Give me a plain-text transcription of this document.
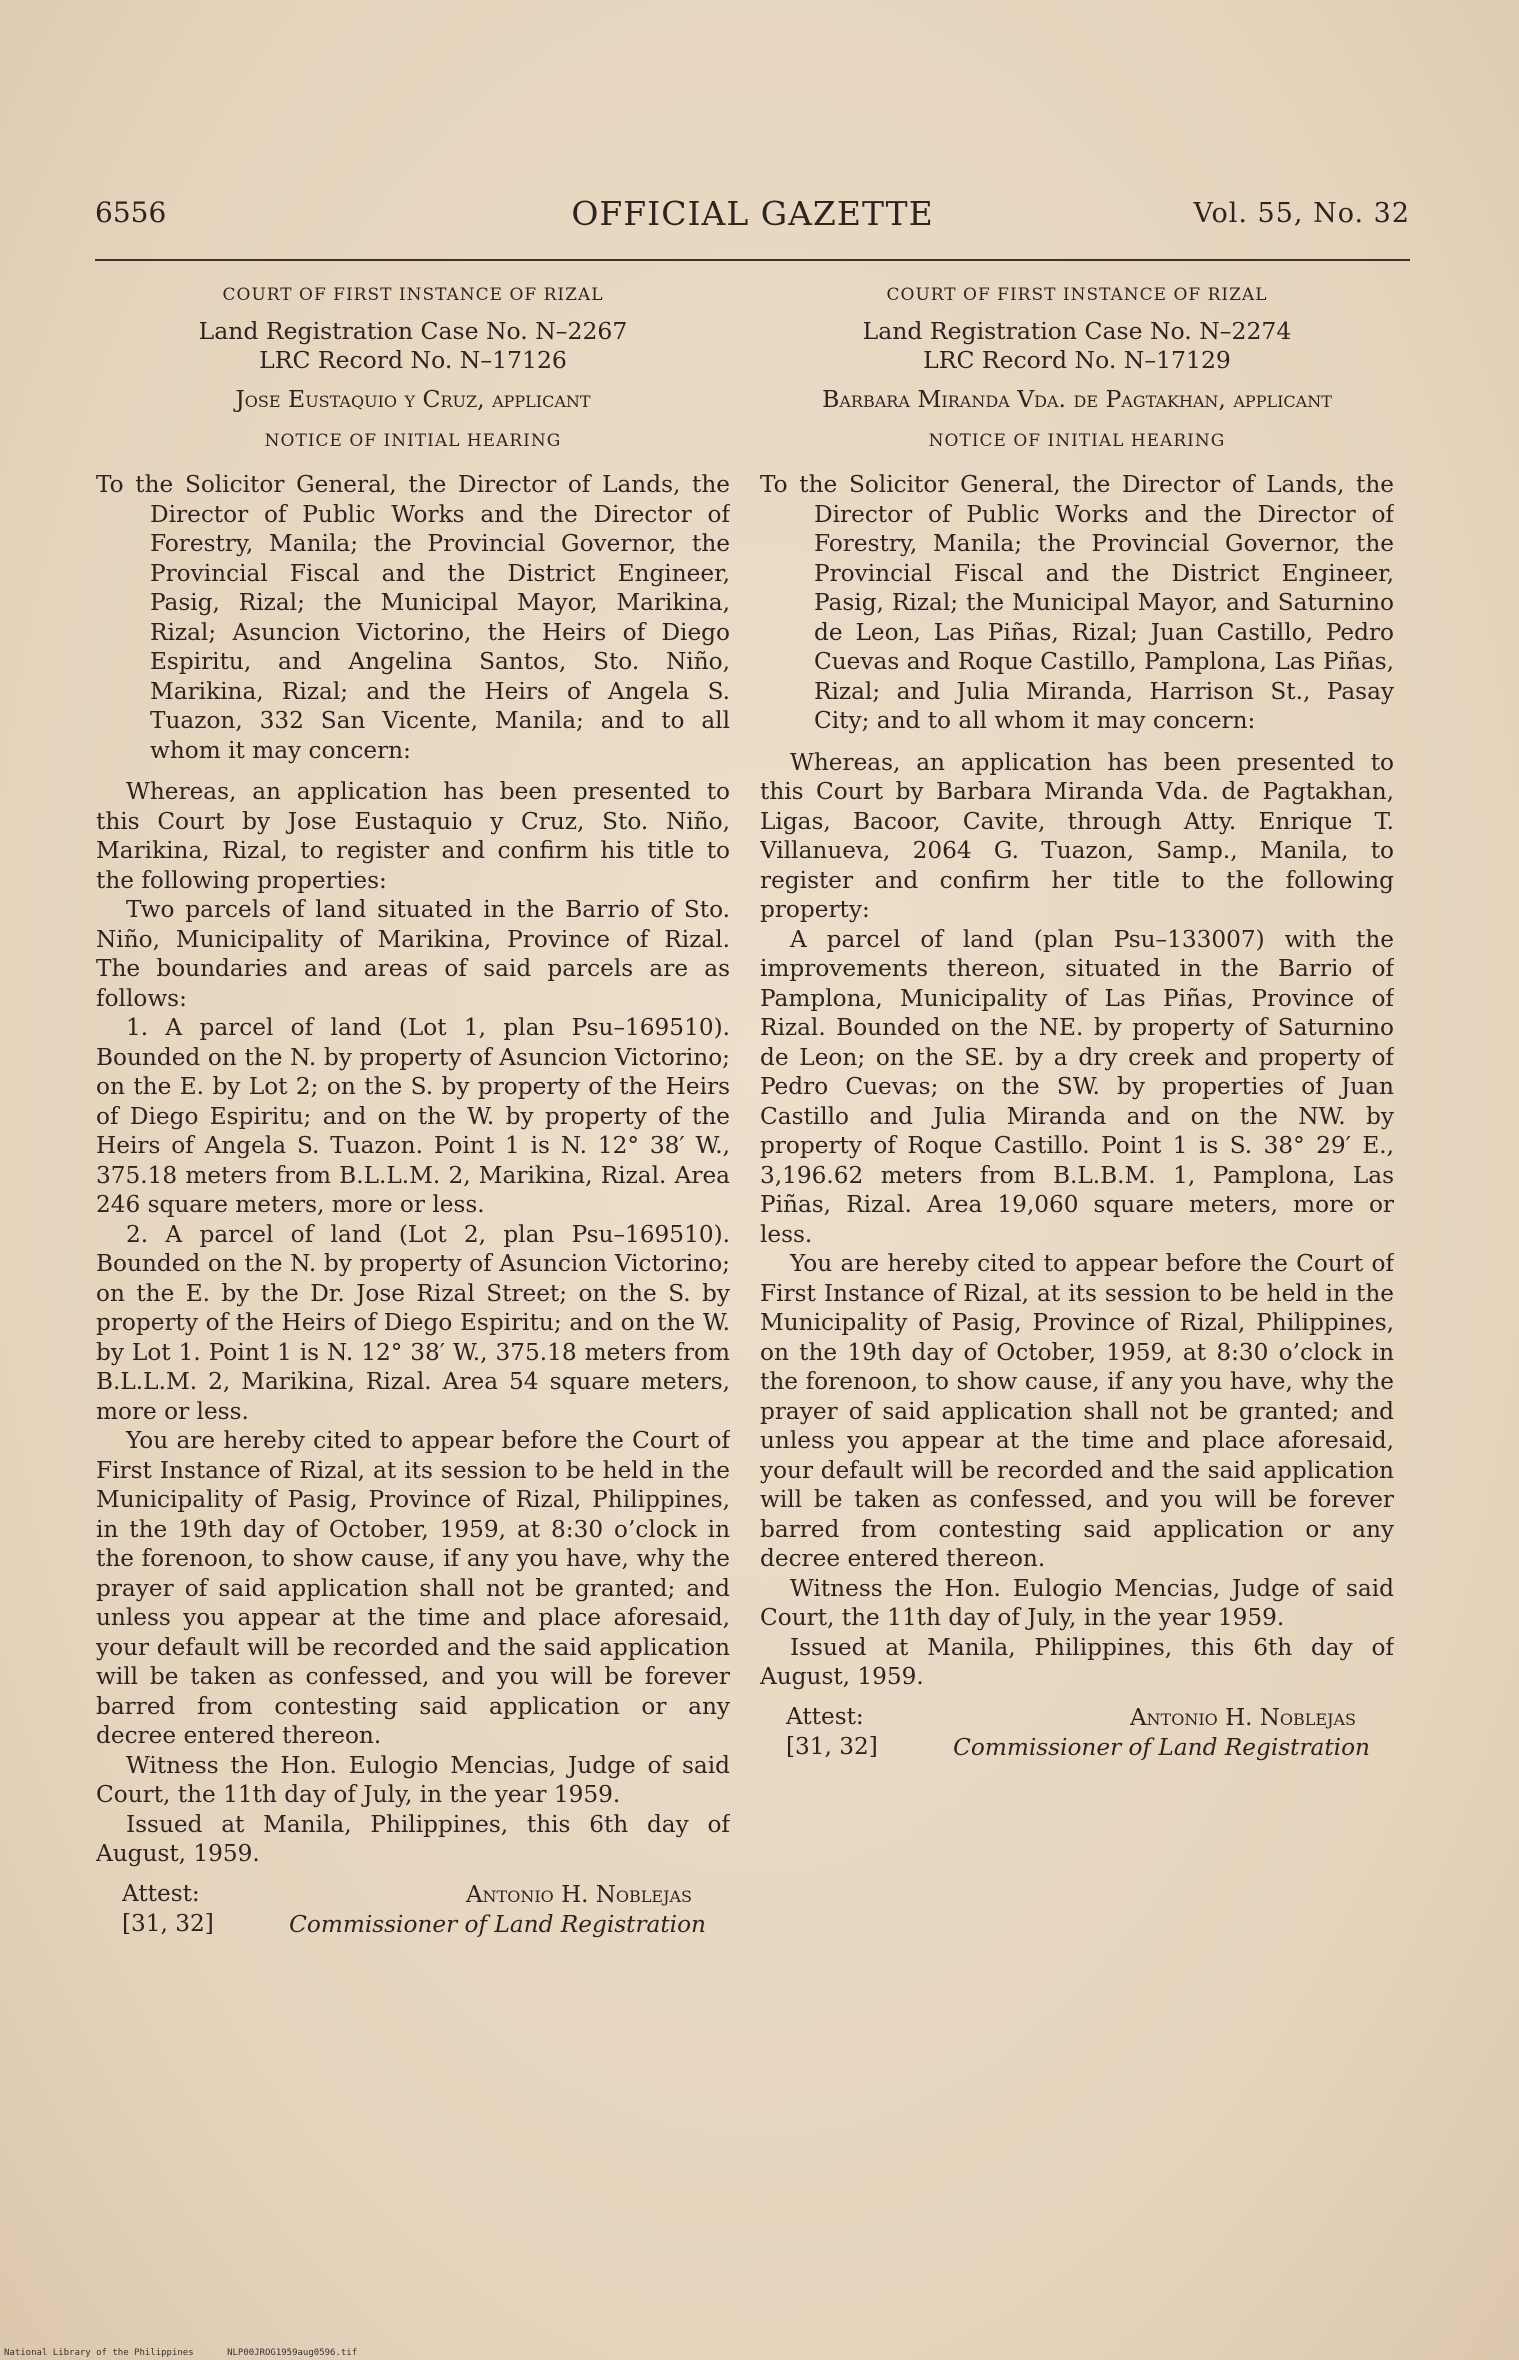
6556	OFFICIAL GAZETTE	Vol. 55, No. 32
COURT OF FIRST INSTANCE OF RIZAL
Land Registration Case No. N–2267
LRC Record No. N–17126
Jose Eustaquio y Cruz, applicant
NOTICE OF INITIAL HEARING

To the Solicitor General, the Director of Lands, the Director of Public Works and the Director of Forestry, Manila; the Provincial Governor, the Provincial Fiscal and the District Engineer, Pasig, Rizal; the Municipal Mayor, Marikina, Rizal; Asuncion Victorino, the Heirs of Diego Espiritu, and Angelina Santos, Sto. Niño, Marikina, Rizal; and the Heirs of Angela S. Tuazon, 332 San Vicente, Manila; and to all whom it may concern:

Whereas, an application has been presented to this Court by Jose Eustaquio y Cruz, Sto. Niño, Marikina, Rizal, to register and confirm his title to the following properties:

Two parcels of land situated in the Barrio of Sto. Niño, Municipality of Marikina, Province of Rizal. The boundaries and areas of said parcels are as follows:

1. A parcel of land (Lot 1, plan Psu–169510). Bounded on the N. by property of Asuncion Victorino; on the E. by Lot 2; on the S. by property of the Heirs of Diego Espiritu; and on the W. by property of the Heirs of Angela S. Tuazon. Point 1 is N. 12° 38′ W., 375.18 meters from B.L.L.M. 2, Marikina, Rizal. Area 246 square meters, more or less.

2. A parcel of land (Lot 2, plan Psu–169510). Bounded on the N. by property of Asuncion Victorino; on the E. by the Dr. Jose Rizal Street; on the S. by property of the Heirs of Diego Espiritu; and on the W. by Lot 1. Point 1 is N. 12° 38′ W., 375.18 meters from B.L.L.M. 2, Marikina, Rizal. Area 54 square meters, more or less.

You are hereby cited to appear before the Court of First Instance of Rizal, at its session to be held in the Municipality of Pasig, Province of Rizal, Philippines, in the 19th day of October, 1959, at 8:30 o’clock in the forenoon, to show cause, if any you have, why the prayer of said application shall not be granted; and unless you appear at the time and place aforesaid, your default will be recorded and the said application will be taken as confessed, and you will be forever barred from contesting said application or any decree entered thereon.

Witness the Hon. Eulogio Mencias, Judge of said Court, the 11th day of July, in the year 1959.

Issued at Manila, Philippines, this 6th day of August, 1959.

Attest:
[31, 32]
Antonio H. Noblejas
Commissioner of Land Registration
COURT OF FIRST INSTANCE OF RIZAL
Land Registration Case No. N–2274
LRC Record No. N–17129
Barbara Miranda Vda. de Pagtakhan, applicant
NOTICE OF INITIAL HEARING

To the Solicitor General, the Director of Lands, the Director of Public Works and the Director of Forestry, Manila; the Provincial Governor, the Provincial Fiscal and the District Engineer, Pasig, Rizal; the Municipal Mayor, and Saturnino de Leon, Las Piñas, Rizal; Juan Castillo, Pedro Cuevas and Roque Castillo, Pamplona, Las Piñas, Rizal; and Julia Miranda, Harrison St., Pasay City; and to all whom it may concern:

Whereas, an application has been presented to this Court by Barbara Miranda Vda. de Pagtakhan, Ligas, Bacoor, Cavite, through Atty. Enrique T. Villanueva, 2064 G. Tuazon, Samp., Manila, to register and confirm her title to the following property:

A parcel of land (plan Psu–133007) with the improvements thereon, situated in the Barrio of Pamplona, Municipality of Las Piñas, Province of Rizal. Bounded on the NE. by property of Saturnino de Leon; on the SE. by a dry creek and property of Pedro Cuevas; on the SW. by properties of Juan Castillo and Julia Miranda and on the NW. by property of Roque Castillo. Point 1 is S. 38° 29′ E., 3,196.62 meters from B.L.B.M. 1, Pamplona, Las Piñas, Rizal. Area 19,060 square meters, more or less.

You are hereby cited to appear before the Court of First Instance of Rizal, at its session to be held in the Municipality of Pasig, Province of Rizal, Philippines, on the 19th day of October, 1959, at 8:30 o’clock in the forenoon, to show cause, if any you have, why the prayer of said application shall not be granted; and unless you appear at the time and place aforesaid, your default will be recorded and the said application will be taken as confessed, and you will be forever barred from contesting said application or any decree entered thereon.

Witness the Hon. Eulogio Mencias, Judge of said Court, the 11th day of July, in the year 1959.

Issued at Manila, Philippines, this 6th day of August, 1959.

Attest:
[31, 32]
Antonio H. Noblejas
Commissioner of Land Registration
National Library of the Philippines	NLP00JROG1959aug0596.tif
